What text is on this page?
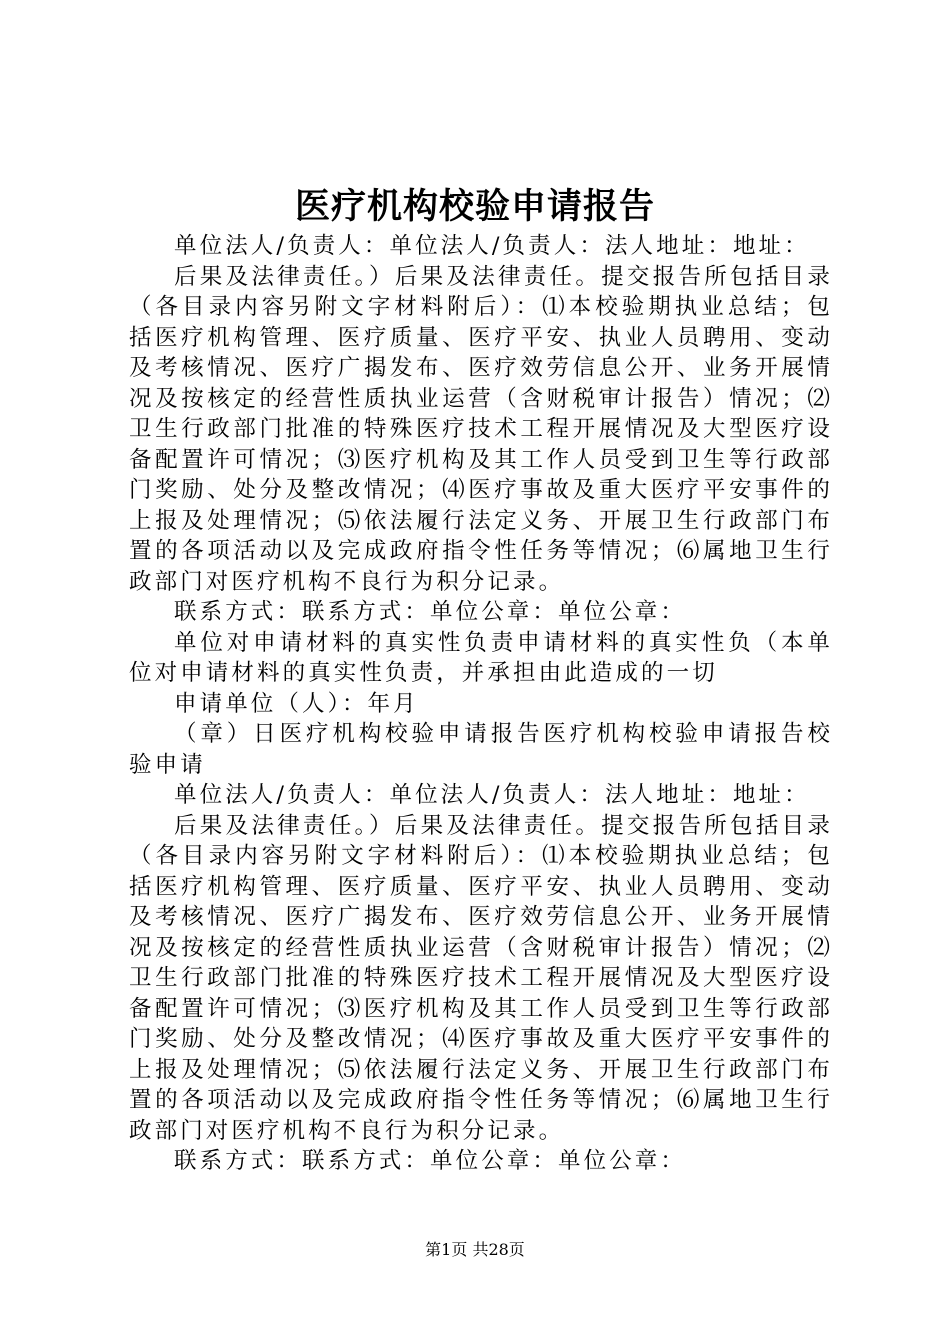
医疗机构校验申请报告

单位法人/负责人：单位法人/负责人：法人地址：地址：

后果及法律责任。）后果及法律责任。提交报告所包括目录（各目录内容另附文字材料附后）：⑴本校验期执业总结；包括医疗机构管理、医疗质量、医疗平安、执业人员聘用、变动及考核情况、医疗广揭发布、医疗效劳信息公开、业务开展情况及按核定的经营性质执业运营（含财税审计报告）情况；⑵卫生行政部门批准的特殊医疗技术工程开展情况及大型医疗设备配置许可情况；⑶医疗机构及其工作人员受到卫生等行政部门奖励、处分及整改情况；⑷医疗事故及重大医疗平安事件的上报及处理情况；⑸依法履行法定义务、开展卫生行政部门布置的各项活动以及完成政府指令性任务等情况；⑹属地卫生行政部门对医疗机构不良行为积分记录。

联系方式：联系方式：单位公章：单位公章：

单位对申请材料的真实性负责申请材料的真实性负（本单位对申请材料的真实性负责，并承担由此造成的一切

申请单位（人）：年月

（章）日医疗机构校验申请报告医疗机构校验申请报告校验申请

单位法人/负责人：单位法人/负责人：法人地址：地址：

后果及法律责任。）后果及法律责任。提交报告所包括目录（各目录内容另附文字材料附后）：⑴本校验期执业总结；包括医疗机构管理、医疗质量、医疗平安、执业人员聘用、变动及考核情况、医疗广揭发布、医疗效劳信息公开、业务开展情况及按核定的经营性质执业运营（含财税审计报告）情况；⑵卫生行政部门批准的特殊医疗技术工程开展情况及大型医疗设备配置许可情况；⑶医疗机构及其工作人员受到卫生等行政部门奖励、处分及整改情况；⑷医疗事故及重大医疗平安事件的上报及处理情况；⑸依法履行法定义务、开展卫生行政部门布置的各项活动以及完成政府指令性任务等情况；⑹属地卫生行政部门对医疗机构不良行为积分记录。

联系方式：联系方式：单位公章：单位公章：

第1页 共28页
